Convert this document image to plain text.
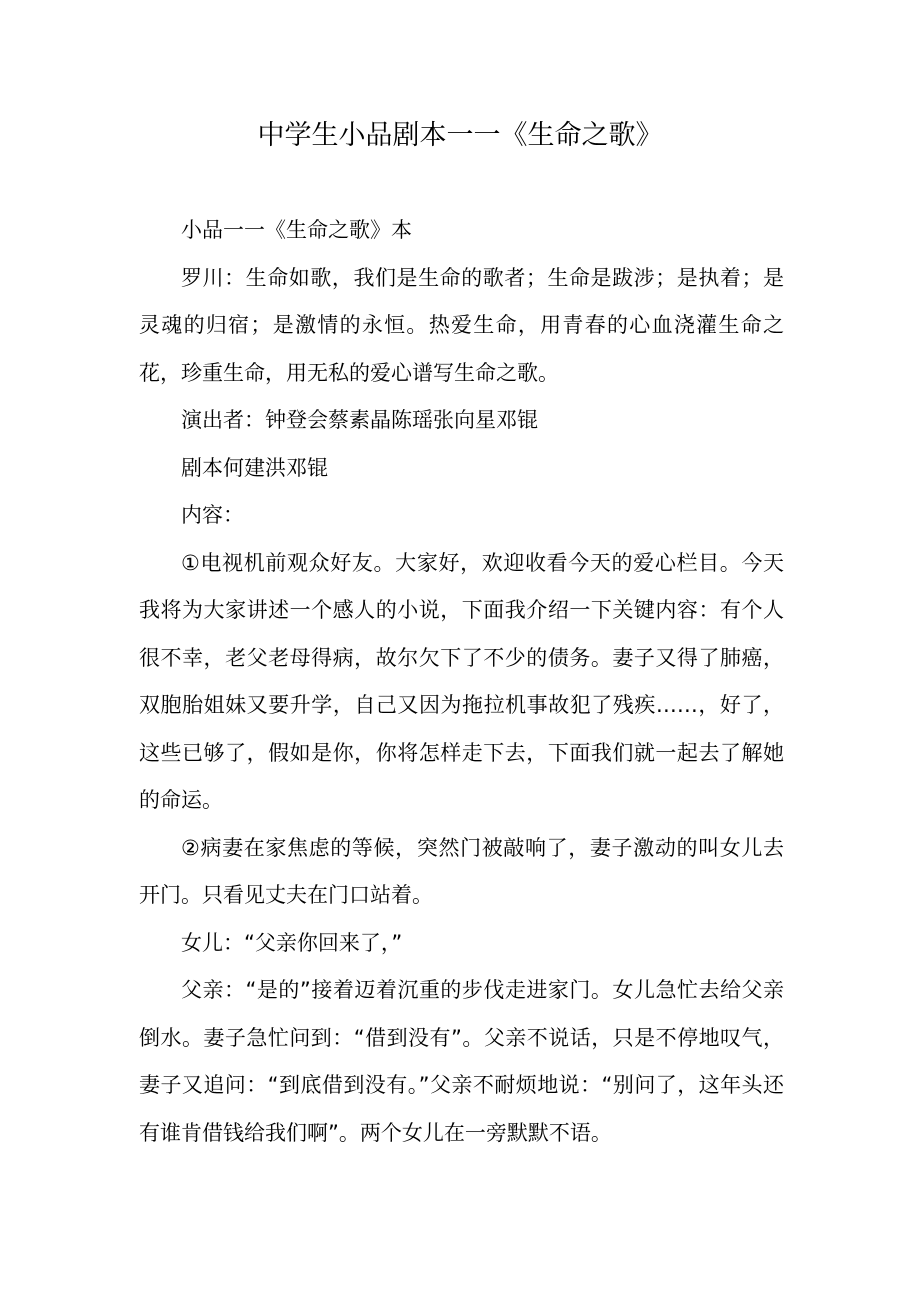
中学生小品剧本一一《生命之歌》

小品一一《生命之歌》本

罗川：生命如歌，我们是生命的歌者；生命是跋涉；是执着；是灵魂的归宿；是激情的永恒。热爱生命，用青春的心血浇灌生命之花，珍重生命，用无私的爱心谱写生命之歌。

演出者：钟登会蔡素晶陈瑶张向星邓锟

剧本何建洪邓锟

内容：

①电视机前观众好友。大家好，欢迎收看今天的爱心栏目。今天我将为大家讲述一个感人的小说，下面我介绍一下关键内容：有个人很不幸，老父老母得病，故尔欠下了不少的债务。妻子又得了肺癌，双胞胎姐妹又要升学，自己又因为拖拉机事故犯了残疾……，好了，这些已够了，假如是你，你将怎样走下去，下面我们就一起去了解她的命运。

②病妻在家焦虑的等候，突然门被敲响了，妻子激动的叫女儿去开门。只看见丈夫在门口站着。

女儿：“父亲你回来了，”

父亲：“是的”接着迈着沉重的步伐走进家门。女儿急忙去给父亲倒水。妻子急忙问到：“借到没有”。父亲不说话，只是不停地叹气，妻子又追问：“到底借到没有。”父亲不耐烦地说：“别问了，这年头还有谁肯借钱给我们啊”。两个女儿在一旁默默不语。
